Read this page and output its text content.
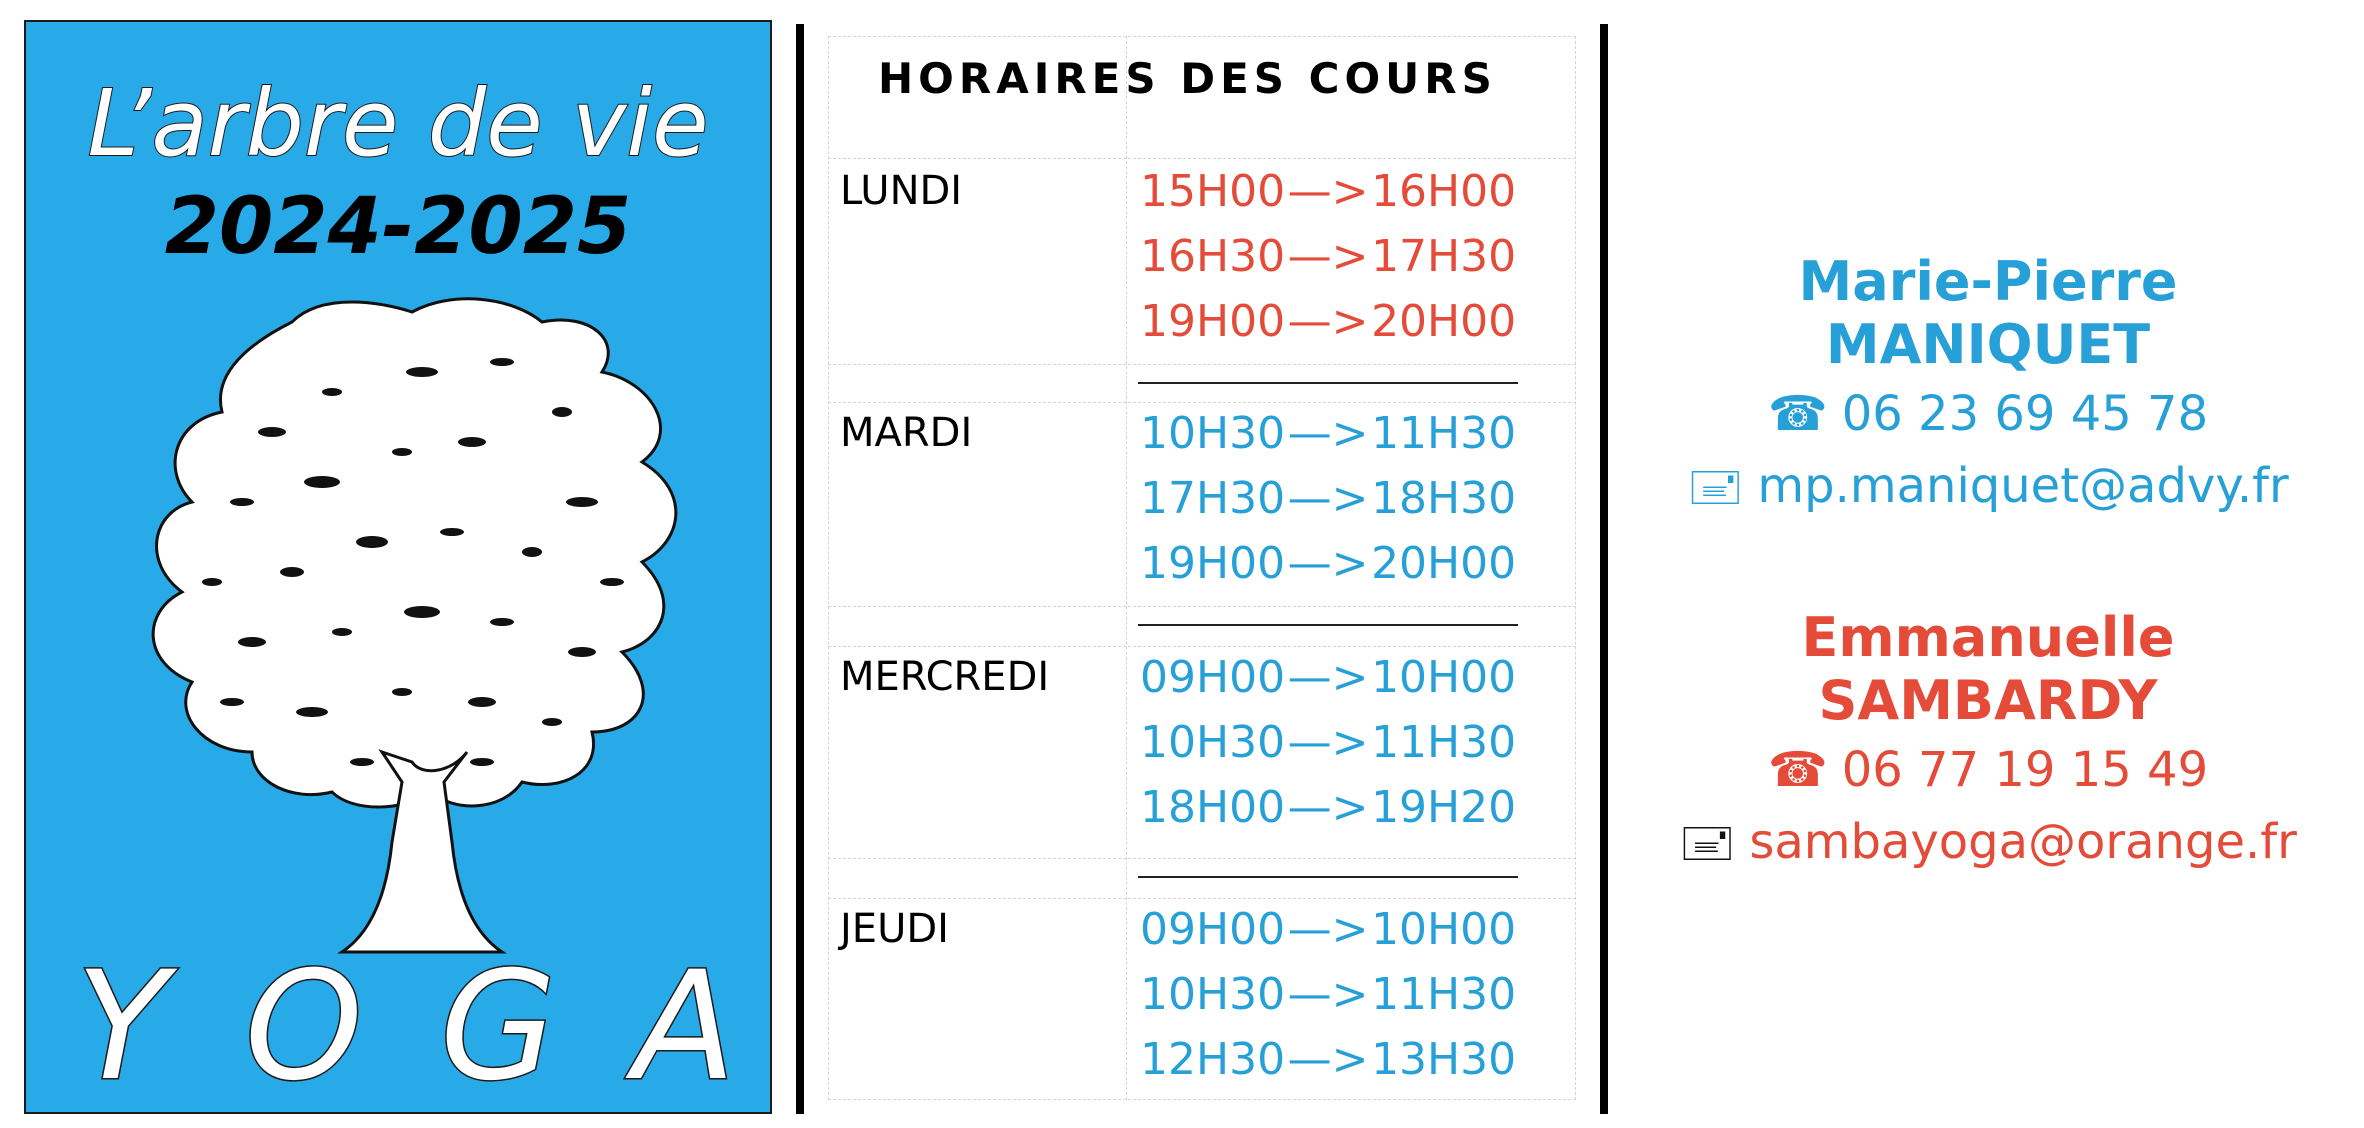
L’arbre de vie
2024-2025
Y O G A
HORAIRES DES COURS
LUNDI	15H00—>16H00
16H30—>17H30
19H00—>20H00
MARDI	10H30—>11H30
17H30—>18H30
19H00—>20H00
MERCREDI 09H00—>10H00
10H30—>11H30
18H00—>19H20
JEUDI	09H00—>10H00
10H30—>11H30
12H30—>13H30
Marie-Pierre MANIQUET
☎ 06 23 69 45 78
🖃 mp.maniquet@advy.fr
Emmanuelle SAMBARDY
☎ 06 77 19 15 49
🖃 sambayoga@orange.fr
